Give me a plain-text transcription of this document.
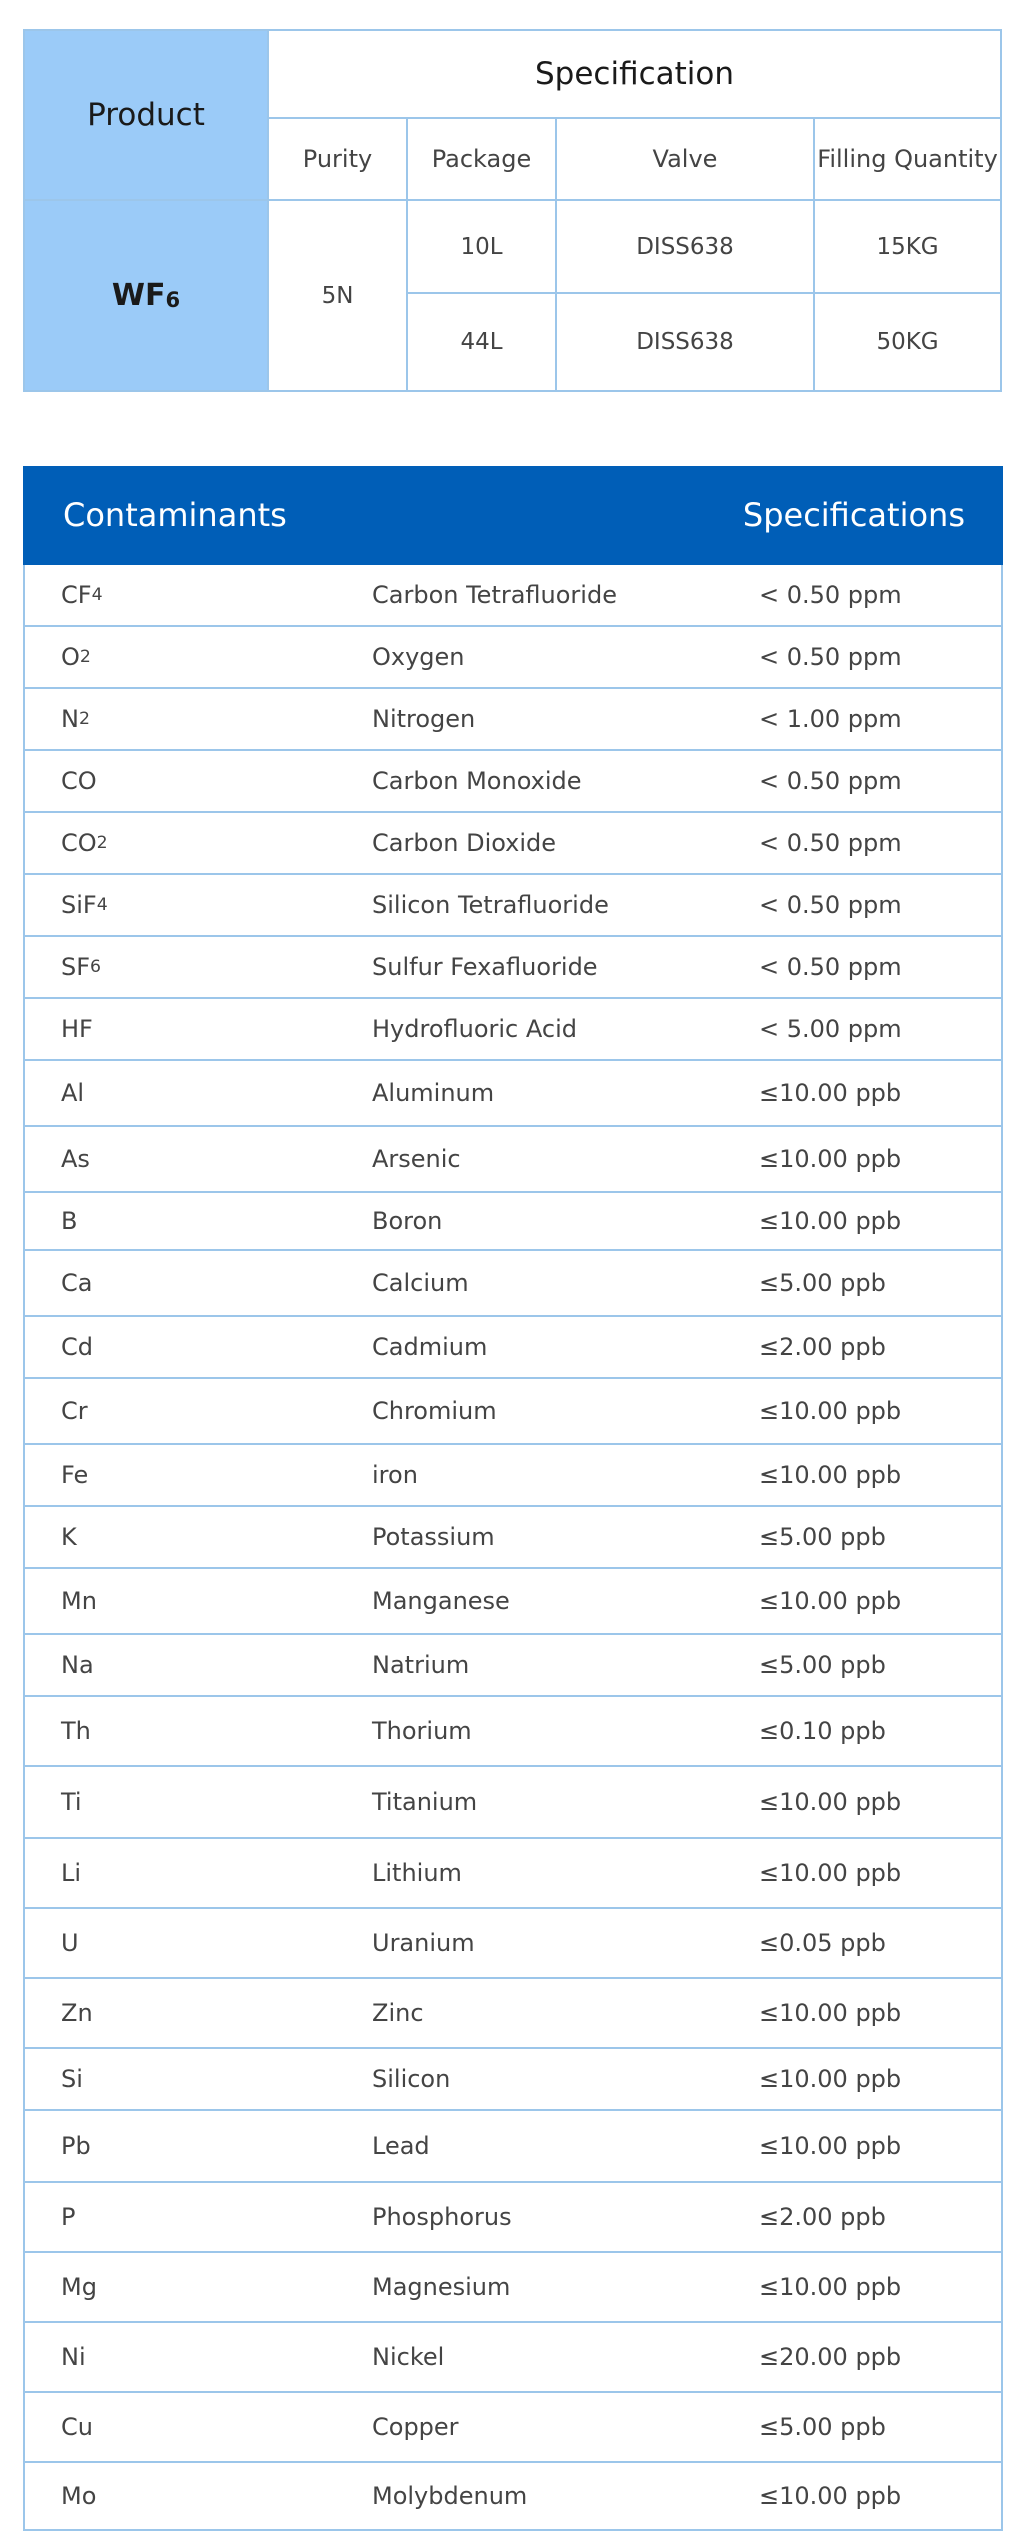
Product	Specification			
	Purity	Package	Valve	Filling Quantity
$WF_6$	5N	10L	DISS638	15KG
		44L	DISS638	50KG
Contaminants	Specifications
CF 4	Carbon Tetrafluoride	< 0.50 ppm
O 2	Oxygen	< 0.50 ppm
N 2	Nitrogen	< 1.00 ppm
CO	Carbon Monoxide	< 0.50 ppm
CO 2	Carbon Dioxide	< 0.50 ppm
SiF 4	Silicon Tetrafluoride	< 0.50 ppm
SF 6	Sulfur Fexafluoride	< 0.50 ppm
HF	Hydrofluoric Acid	< 5.00 ppm
Al	Aluminum	≤10.00 ppb
As	Arsenic	≤10.00 ppb
B	Boron	≤10.00 ppb
Ca	Calcium	≤5.00 ppb
Cd	Cadmium	≤2.00 ppb
Cr	Chromium	≤10.00 ppb
Fe	iron	≤10.00 ppb
K	Potassium	≤5.00 ppb
Mn	Manganese	≤10.00 ppb
Na	Natrium	≤5.00 ppb
Th	Thorium	≤0.10 ppb
Ti	Titanium	≤10.00 ppb
Li	Lithium	≤10.00 ppb
U	Uranium	≤0.05 ppb
Zn	Zinc	≤10.00 ppb
Si	Silicon	≤10.00 ppb
Pb	Lead	≤10.00 ppb
P	Phosphorus	≤2.00 ppb
Mg	Magnesium	≤10.00 ppb
Ni	Nickel	≤20.00 ppb
Cu	Copper	≤5.00 ppb
Mo	Molybdenum	≤10.00 ppb
